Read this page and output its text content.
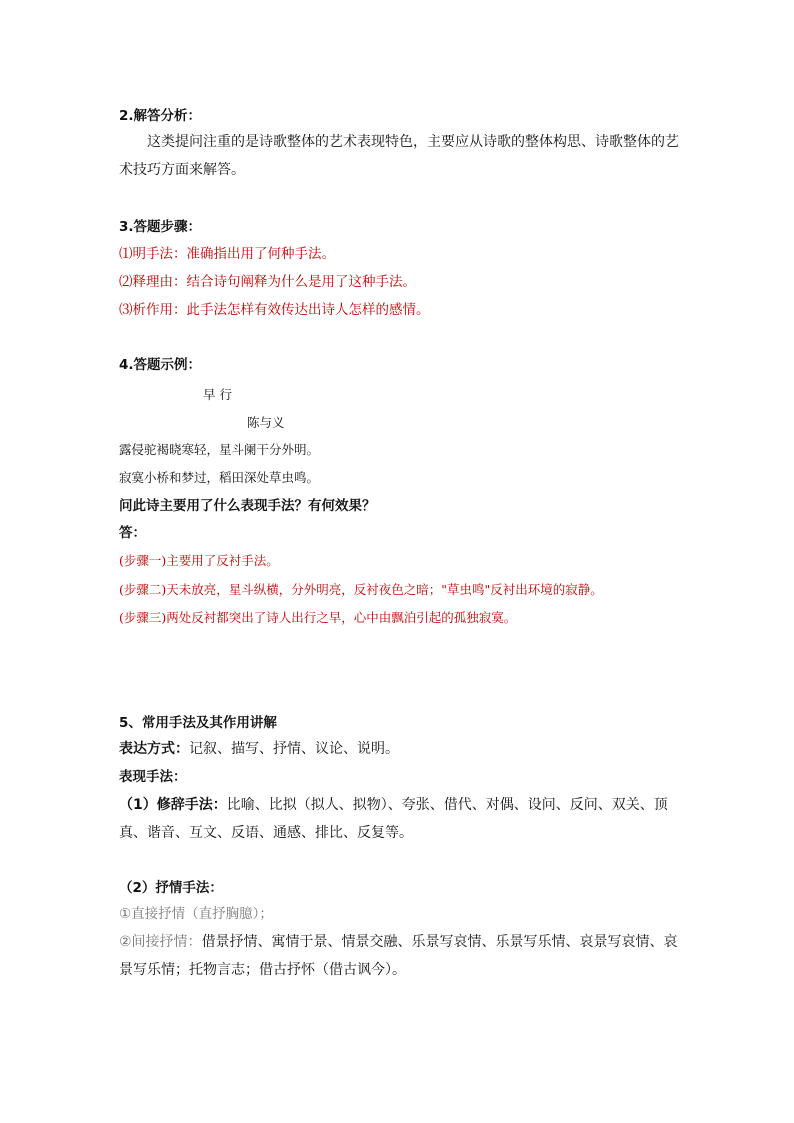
2.解答分析：
这类提问注重的是诗歌整体的艺术表现特色，主要应从诗歌的整体构思、诗歌整体的艺
术技巧方面来解答。
3.答题步骤：
⑴明手法：准确指出用了何种手法。
⑵释理由：结合诗句阐释为什么是用了这种手法。
⑶析作用：此手法怎样有效传达出诗人怎样的感情。
4.答题示例：
早 行
陈与义
露侵驼褐晓寒轻，星斗阑干分外明。
寂寞小桥和梦过，稻田深处草虫鸣。
问此诗主要用了什么表现手法？有何效果？
答：
(步骤一)主要用了反衬手法。
(步骤二)天未放亮，星斗纵横，分外明亮，反衬夜色之暗；"草虫鸣"反衬出环境的寂静。
(步骤三)两处反衬都突出了诗人出行之早，心中由飘泊引起的孤独寂寞。
5、常用手法及其作用讲解
表达方式：记叙、描写、抒情、议论、说明。
表现手法：
（1）修辞手法：比喻、比拟（拟人、拟物）、夸张、借代、对偶、设问、反问、双关、顶
真、谐音、互文、反语、通感、排比、反复等。
（2）抒情手法：
①直接抒情（直抒胸臆）；
②间接抒情：借景抒情、寓情于景、情景交融、乐景写哀情、乐景写乐情、哀景写哀情、哀
景写乐情；托物言志；借古抒怀（借古讽今）。
